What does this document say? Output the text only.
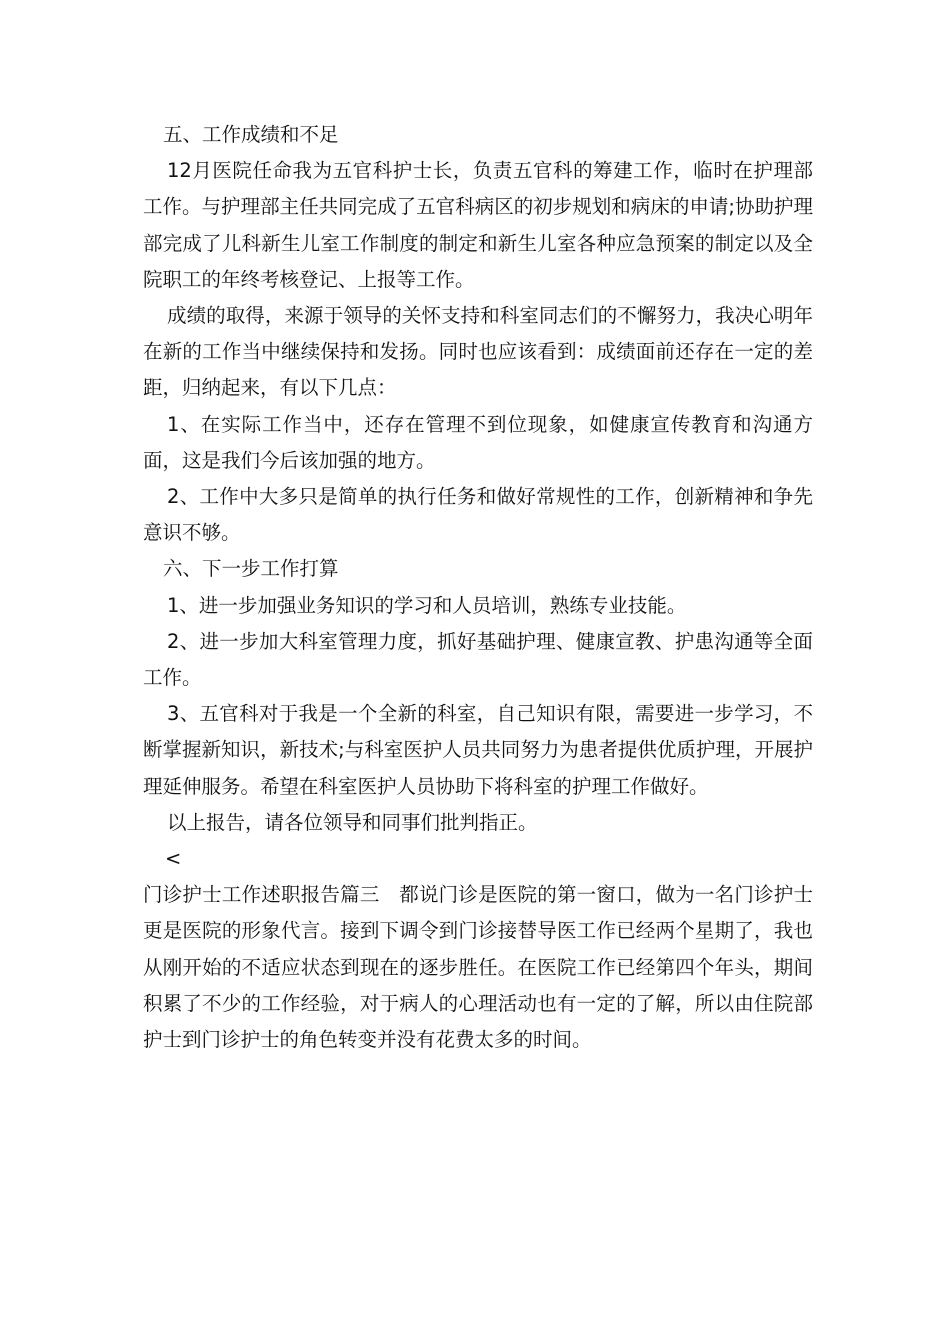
五、工作成绩和不足

12月医院任命我为五官科护士长，负责五官科的筹建工作，临时在护理部工作。与护理部主任共同完成了五官科病区的初步规划和病床的申请;协助护理部完成了儿科新生儿室工作制度的制定和新生儿室各种应急预案的制定以及全院职工的年终考核登记、上报等工作。

成绩的取得，来源于领导的关怀支持和科室同志们的不懈努力，我决心明年在新的工作当中继续保持和发扬。同时也应该看到：成绩面前还存在一定的差距，归纳起来，有以下几点：

1、在实际工作当中，还存在管理不到位现象，如健康宣传教育和沟通方面，这是我们今后该加强的地方。

2、工作中大多只是简单的执行任务和做好常规性的工作，创新精神和争先意识不够。

六、下一步工作打算

1、进一步加强业务知识的学习和人员培训，熟练专业技能。

2、进一步加大科室管理力度，抓好基础护理、健康宣教、护患沟通等全面工作。

3、五官科对于我是一个全新的科室，自己知识有限，需要进一步学习，不断掌握新知识，新技术;与科室医护人员共同努力为患者提供优质护理，开展护理延伸服务。希望在科室医护人员协助下将科室的护理工作做好。

以上报告，请各位领导和同事们批判指正。

<

门诊护士工作述职报告篇三　都说门诊是医院的第一窗口，做为一名门诊护士更是医院的形象代言。接到下调令到门诊接替导医工作已经两个星期了，我也从刚开始的不适应状态到现在的逐步胜任。在医院工作已经第四个年头，期间积累了不少的工作经验，对于病人的心理活动也有一定的了解，所以由住院部护士到门诊护士的角色转变并没有花费太多的时间。
